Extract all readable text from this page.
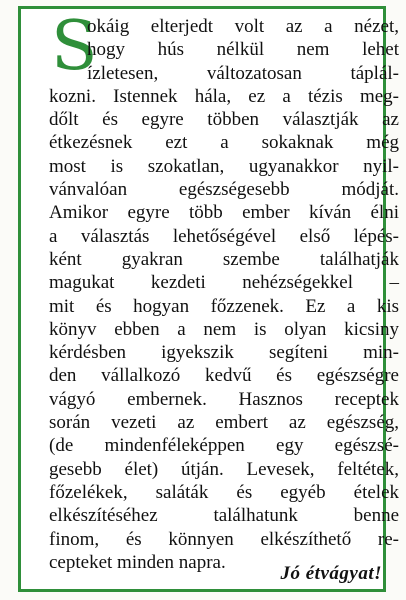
S
okáig elterjedt volt az a nézet,
hogy hús nélkül nem lehet
ízletesen, változatosan táplál-
kozni. Istennek hála, ez a tézis meg-
dőlt és egyre többen választják az
étkezésnek ezt a sokaknak még
most is szokatlan, ugyanakkor nyil-
vánvalóan egészségesebb módját.
Amikor egyre több ember kíván élni
a választás lehetőségével első lépés-
ként gyakran szembe találhatják
magukat kezdeti nehézségekkel –
mit és hogyan főzzenek. Ez a kis
könyv ebben a nem is olyan kicsiny
kérdésben igyekszik segíteni min-
den vállalkozó kedvű és egészségre
vágyó embernek. Hasznos receptek
során vezeti az embert az egészség,
(de mindenféleképpen egy egészsé-
gesebb élet) útján. Levesek, feltétek,
főzelékek, saláták és egyéb ételek
elkészítéséhez találhatunk benne
finom, és könnyen elkészíthető re-
cepteket minden napra.
Jó étvágyat!
